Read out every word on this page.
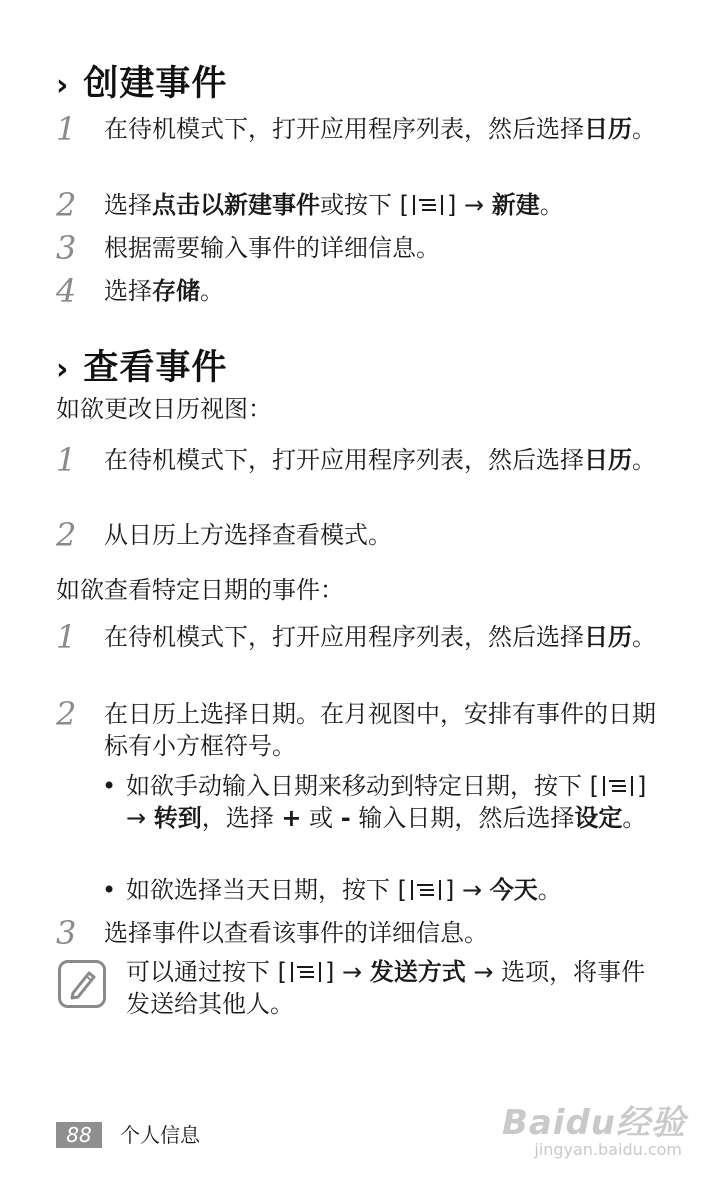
› 创建事件
1	在待机模式下，打开应用程序列表，然后选择日历。
2	选择点击以新建事件或按下 [ ] → 新建。
3	根据需要输入事件的详细信息。
4	选择存储。
› 查看事件
如欲更改日历视图：
1	在待机模式下，打开应用程序列表，然后选择日历。
2	从日历上方选择查看模式。
如欲查看特定日期的事件：
1	在待机模式下，打开应用程序列表，然后选择日历。
2	在日历上选择日期。在月视图中，安排有事件的日期标有小方框符号。
• 如欲手动输入日期来移动到特定日期，按下 [ ] → 转到，选择 + 或 - 输入日期，然后选择设定。
• 如欲选择当天日期，按下 [ ] → 今天。
3	选择事件以查看该事件的详细信息。
可以通过按下 [ ] → 发送方式 → 选项，将事件发送给其他人。
88	个人信息	Baidu经验
jingyan.baidu.com
